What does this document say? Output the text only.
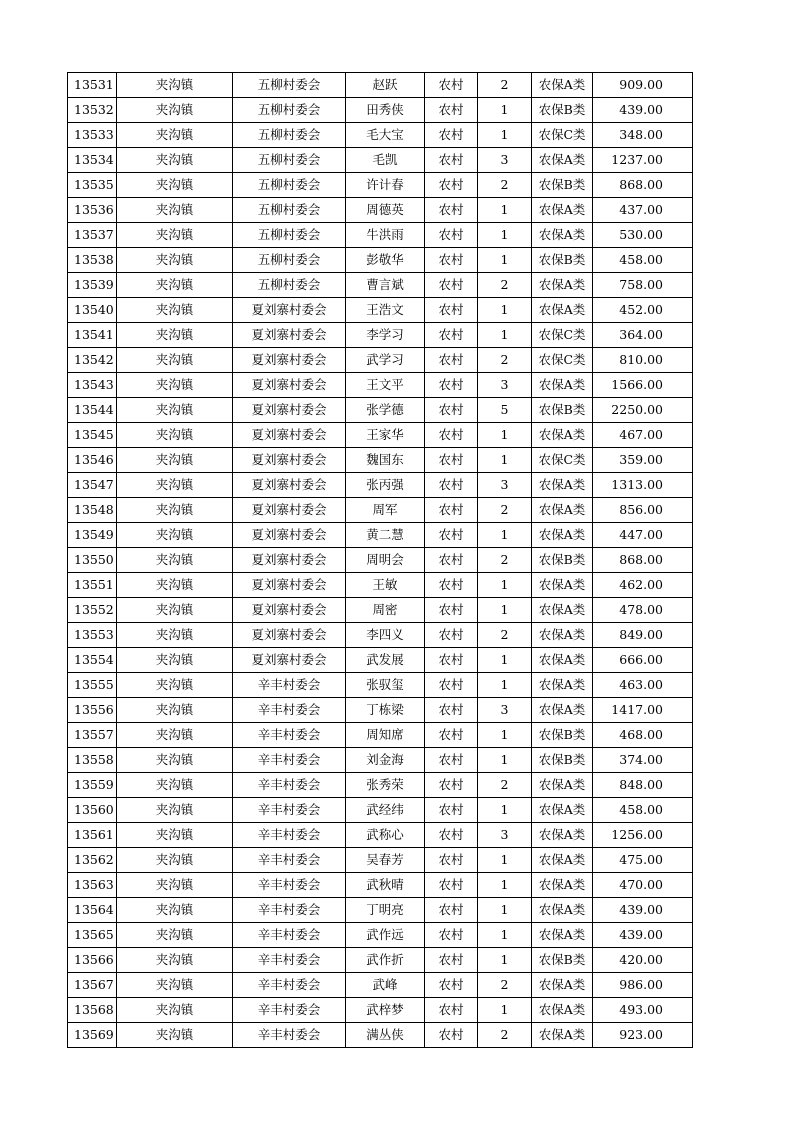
13531	夹沟镇	五柳村委会	赵跃	农村	2	农保A类	909.00
13532	夹沟镇	五柳村委会	田秀侠	农村	1	农保B类	439.00
13533	夹沟镇	五柳村委会	毛大宝	农村	1	农保C类	348.00
13534	夹沟镇	五柳村委会	毛凯	农村	3	农保A类	1237.00
13535	夹沟镇	五柳村委会	许计春	农村	2	农保B类	868.00
13536	夹沟镇	五柳村委会	周德英	农村	1	农保A类	437.00
13537	夹沟镇	五柳村委会	牛洪雨	农村	1	农保A类	530.00
13538	夹沟镇	五柳村委会	彭敬华	农村	1	农保B类	458.00
13539	夹沟镇	五柳村委会	曹言斌	农村	2	农保A类	758.00
13540	夹沟镇	夏刘寨村委会	王浩文	农村	1	农保A类	452.00
13541	夹沟镇	夏刘寨村委会	李学习	农村	1	农保C类	364.00
13542	夹沟镇	夏刘寨村委会	武学习	农村	2	农保C类	810.00
13543	夹沟镇	夏刘寨村委会	王文平	农村	3	农保A类	1566.00
13544	夹沟镇	夏刘寨村委会	张学德	农村	5	农保B类	2250.00
13545	夹沟镇	夏刘寨村委会	王家华	农村	1	农保A类	467.00
13546	夹沟镇	夏刘寨村委会	魏国东	农村	1	农保C类	359.00
13547	夹沟镇	夏刘寨村委会	张丙强	农村	3	农保A类	1313.00
13548	夹沟镇	夏刘寨村委会	周军	农村	2	农保A类	856.00
13549	夹沟镇	夏刘寨村委会	黄二慧	农村	1	农保A类	447.00
13550	夹沟镇	夏刘寨村委会	周明会	农村	2	农保B类	868.00
13551	夹沟镇	夏刘寨村委会	王敏	农村	1	农保A类	462.00
13552	夹沟镇	夏刘寨村委会	周密	农村	1	农保A类	478.00
13553	夹沟镇	夏刘寨村委会	李四义	农村	2	农保A类	849.00
13554	夹沟镇	夏刘寨村委会	武发展	农村	1	农保A类	666.00
13555	夹沟镇	辛丰村委会	张驭玺	农村	1	农保A类	463.00
13556	夹沟镇	辛丰村委会	丁栋梁	农村	3	农保A类	1417.00
13557	夹沟镇	辛丰村委会	周知席	农村	1	农保B类	468.00
13558	夹沟镇	辛丰村委会	刘金海	农村	1	农保B类	374.00
13559	夹沟镇	辛丰村委会	张秀荣	农村	2	农保A类	848.00
13560	夹沟镇	辛丰村委会	武经纬	农村	1	农保A类	458.00
13561	夹沟镇	辛丰村委会	武称心	农村	3	农保A类	1256.00
13562	夹沟镇	辛丰村委会	吴春芳	农村	1	农保A类	475.00
13563	夹沟镇	辛丰村委会	武秋晴	农村	1	农保A类	470.00
13564	夹沟镇	辛丰村委会	丁明亮	农村	1	农保A类	439.00
13565	夹沟镇	辛丰村委会	武作远	农村	1	农保A类	439.00
13566	夹沟镇	辛丰村委会	武作折	农村	1	农保B类	420.00
13567	夹沟镇	辛丰村委会	武峰	农村	2	农保A类	986.00
13568	夹沟镇	辛丰村委会	武梓梦	农村	1	农保A类	493.00
13569	夹沟镇	辛丰村委会	满丛侠	农村	2	农保A类	923.00
